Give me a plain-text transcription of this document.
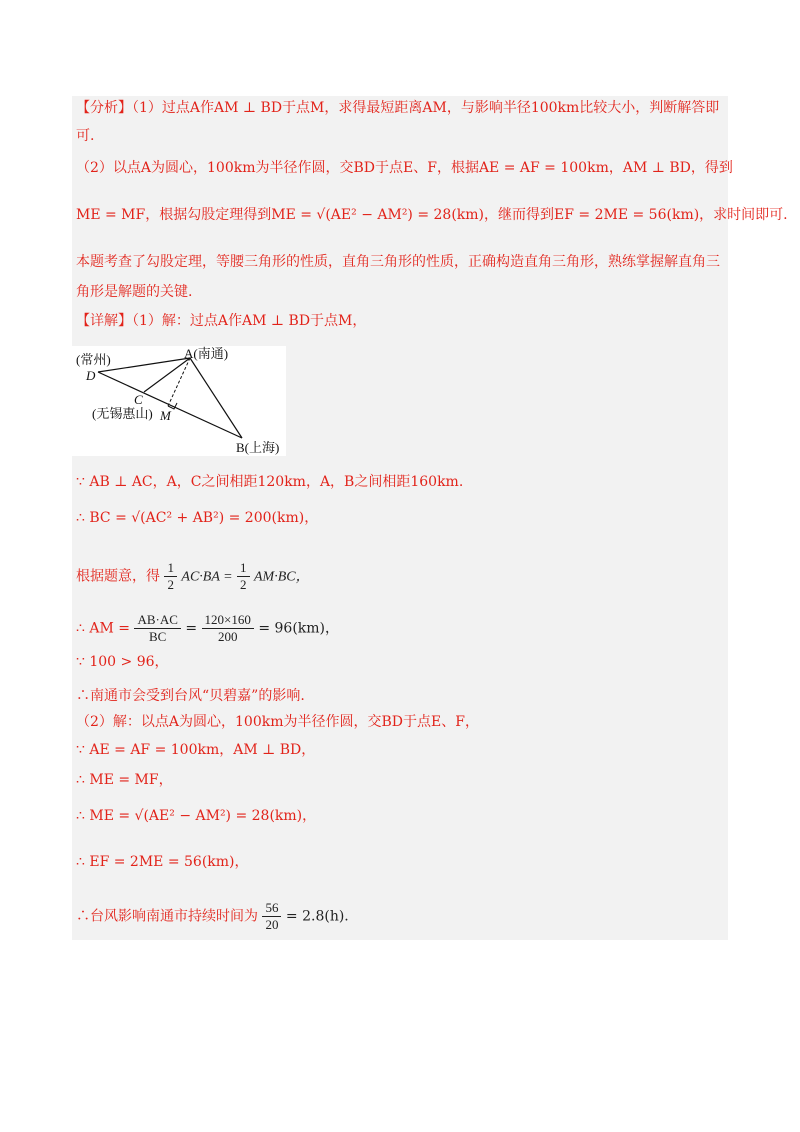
【分析】（1）过点A作AM ⊥ BD于点M，求得最短距离AM，与影响半径100km比较大小，判断解答即
可.
（2）以点A为圆心，100km为半径作圆，交BD于点E、F，根据AE = AF = 100km，AM ⊥ BD，得到
ME = MF，根据勾股定理得到ME = √(AE² − AM²) = 28(km)，继而得到EF = 2ME = 56(km)，求时间即可.
本题考查了勾股定理，等腰三角形的性质，直角三角形的性质，正确构造直角三角形，熟练掌握解直角三
角形是解题的关键.
【详解】（1）解：过点A作AM ⊥ BD于点M，
(常州)
D
A(南通)
C
(无锡惠山) M
B(上海)
∵ AB ⊥ AC，A，C之间相距120km，A，B之间相距160km.
∴ BC = √(AC² + AB²) = 200(km)，
根据题意，得 $\frac{1}{2} AC\cdot BA = \frac{1}{2} AM\cdot BC$，
∴ AM = $\frac{AB\cdot AC}{BC} = \frac{120\times 160}{200} = 96(km)$，
∵ 100 > 96，
∴南通市会受到台风“贝碧嘉”的影响.
（2）解：以点A为圆心，100km为半径作圆，交BD于点E、F，
∵ AE = AF = 100km，AM ⊥ BD，
∴ ME = MF，
∴ ME = √(AE² − AM²) = 28(km)，
∴ EF = 2ME = 56(km)，
∴台风影响南通市持续时间为 $\frac{56}{20} = 2.8(h)$.
